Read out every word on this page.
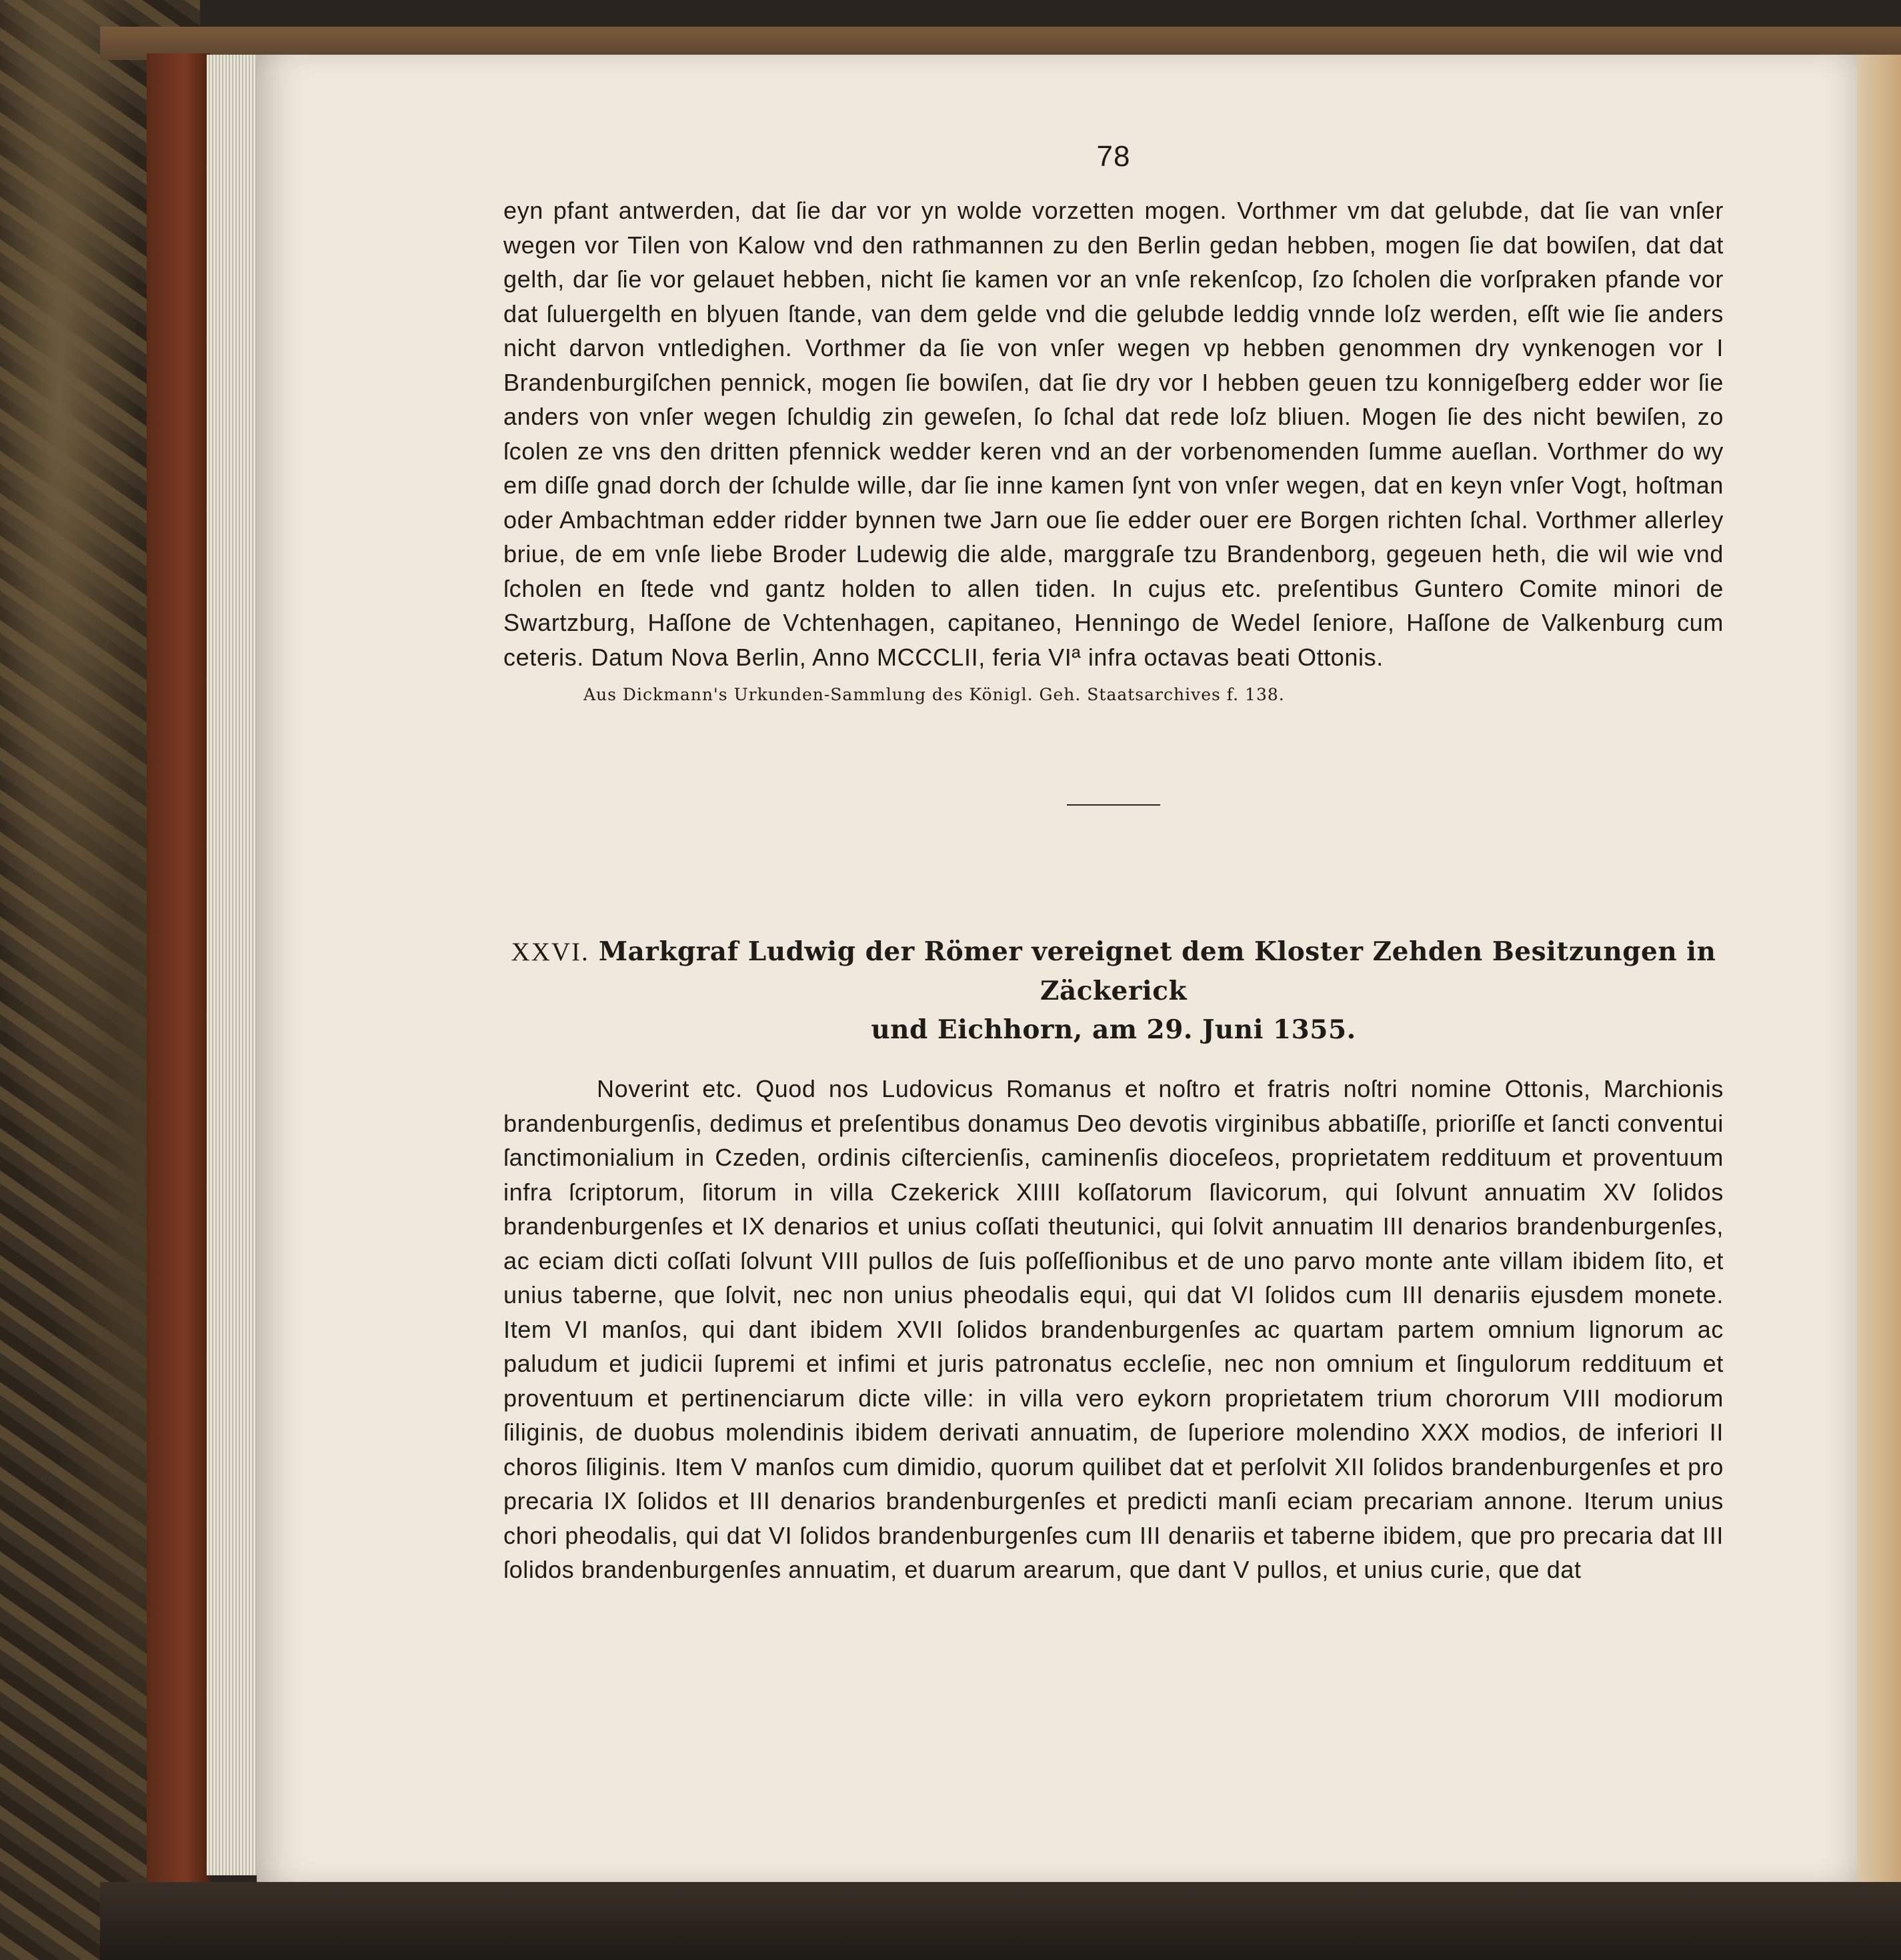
78

eyn pfant antwerden, dat ſie dar vor yn wolde vorzetten mogen. Vorthmer vm dat gelubde, dat ſie van vnſer wegen vor Tilen von Kalow vnd den rathmannen zu den Berlin gedan hebben, mogen ſie dat bowiſen, dat dat gelth, dar ſie vor gelauet hebben, nicht ſie kamen vor an vnſe rekenſcop, ſzo ſcholen die vorſpraken pfande vor dat ſuluergelth en blyuen ſtande, van dem gelde vnd die gelubde leddig vnnde loſz werden, eſſt wie ſie anders nicht darvon vntledighen. Vorthmer da ſie von vnſer wegen vp hebben genommen dry vynkenogen vor I Brandenburgiſchen pennick, mogen ſie bowiſen, dat ſie dry vor I hebben geuen tzu konnigeſberg edder wor ſie anders von vnſer wegen ſchuldig zin geweſen, ſo ſchal dat rede loſz bliuen. Mogen ſie des nicht bewiſen, zo ſcolen ze vns den dritten pfennick wedder keren vnd an der vorbenomenden ſumme aueſlan. Vorthmer do wy em diſſe gnad dorch der ſchulde wille, dar ſie inne kamen ſynt von vnſer wegen, dat en keyn vnſer Vogt, hoſtman oder Ambachtman edder ridder bynnen twe Jarn oue ſie edder ouer ere Borgen richten ſchal. Vorthmer allerley briue, de em vnſe liebe Broder Ludewig die alde, marggraſe tzu Brandenborg, gegeuen heth, die wil wie vnd ſcholen en ſtede vnd gantz holden to allen tiden. In cujus etc. preſentibus Guntero Comite minori de Swartzburg, Haſſone de Vchtenhagen, capitaneo, Henningo de Wedel ſeniore, Haſſone de Valkenburg cum ceteris. Datum Nova Berlin, Anno MCCCLII, feria VIª infra octavas beati Ottonis.

Aus Dickmann's Urkunden-Sammlung des Königl. Geh. Staatsarchives f. 138.

XXVI. Markgraf Ludwig der Römer vereignet dem Kloster Zehden Besitzungen in Zäckerick
und Eichhorn, am 29. Juni 1355.

Noverint etc. Quod nos Ludovicus Romanus et noſtro et fratris noſtri nomine Ottonis, Marchionis brandenburgenſis, dedimus et preſentibus donamus Deo devotis virginibus abbatiſſe, prioriſſe et ſancti conventui ſanctimonialium in Czeden, ordinis ciſtercienſis, caminenſis dioceſeos, proprietatem reddituum et proventuum infra ſcriptorum, ſitorum in villa Czekerick XIIII koſſatorum ſlavicorum, qui ſolvunt annuatim XV ſolidos brandenburgenſes et IX denarios et unius coſſati theutunici, qui ſolvit annuatim III denarios brandenburgenſes, ac eciam dicti coſſati ſolvunt VIII pullos de ſuis poſſeſſionibus et de uno parvo monte ante villam ibidem ſito, et unius taberne, que ſolvit, nec non unius pheodalis equi, qui dat VI ſolidos cum III denariis ejusdem monete. Item VI manſos, qui dant ibidem XVII ſolidos brandenburgenſes ac quartam partem omnium lignorum ac paludum et judicii ſupremi et infimi et juris patronatus eccleſie, nec non omnium et ſingulorum reddituum et proventuum et pertinenciarum dicte ville: in villa vero eykorn proprietatem trium chororum VIII modiorum ſiliginis, de duobus molendinis ibidem derivati annuatim, de ſuperiore molendino XXX modios, de inferiori II choros ſiliginis. Item V manſos cum dimidio, quorum quilibet dat et perſolvit XII ſolidos brandenburgenſes et pro precaria IX ſolidos et III denarios brandenburgenſes et predicti manſi eciam precariam annone. Iterum unius chori pheodalis, qui dat VI ſolidos brandenburgenſes cum III denariis et taberne ibidem, que pro precaria dat III ſolidos brandenburgenſes annuatim, et duarum arearum, que dant V pullos, et unius curie, que dat
